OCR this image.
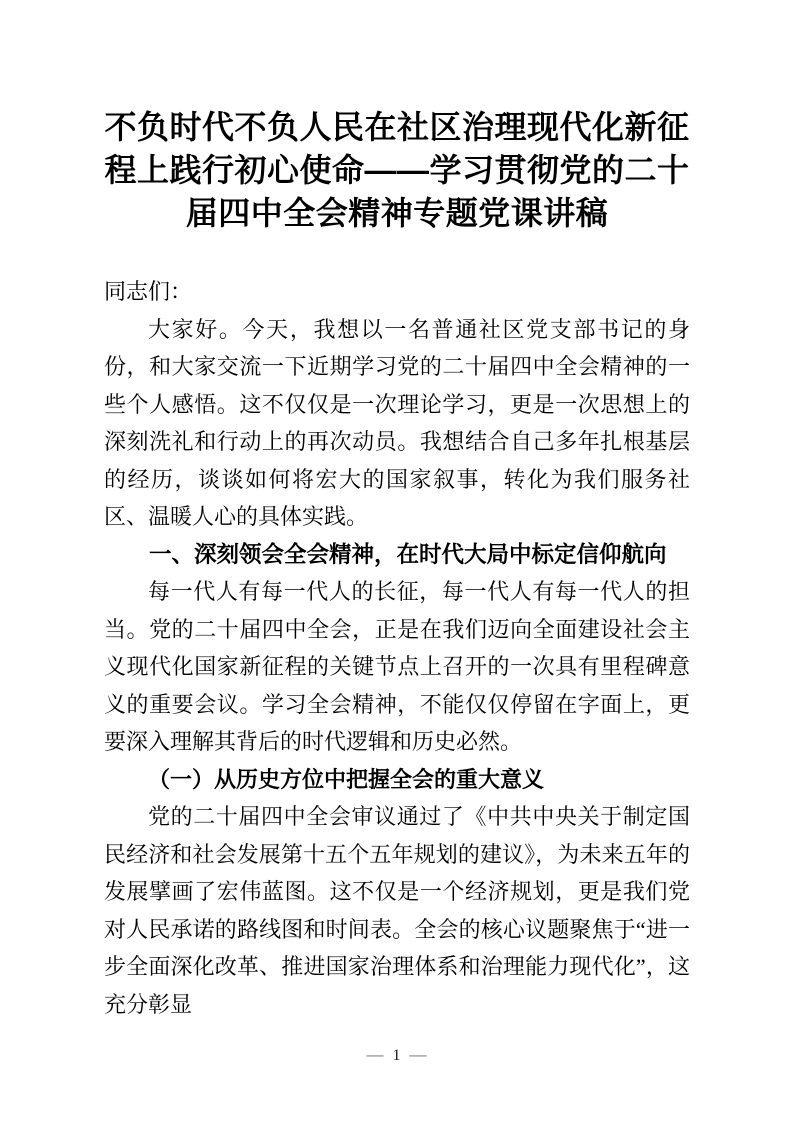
不负时代不负人民在社区治理现代化新征程上践行初心使命——学习贯彻党的二十届四中全会精神专题党课讲稿

同志们：

大家好。今天，我想以一名普通社区党支部书记的身份，和大家交流一下近期学习党的二十届四中全会精神的一些个人感悟。这不仅仅是一次理论学习，更是一次思想上的深刻洗礼和行动上的再次动员。我想结合自己多年扎根基层的经历，谈谈如何将宏大的国家叙事，转化为我们服务社区、温暖人心的具体实践。

一、深刻领会全会精神，在时代大局中标定信仰航向

每一代人有每一代人的长征，每一代人有每一代人的担当。党的二十届四中全会，正是在我们迈向全面建设社会主义现代化国家新征程的关键节点上召开的一次具有里程碑意义的重要会议。学习全会精神，不能仅仅停留在字面上，更要深入理解其背后的时代逻辑和历史必然。

（一）从历史方位中把握全会的重大意义

党的二十届四中全会审议通过了《中共中央关于制定国民经济和社会发展第十五个五年规划的建议》，为未来五年的发展擘画了宏伟蓝图。这不仅是一个经济规划，更是我们党对人民承诺的路线图和时间表。全会的核心议题聚焦于“进一步全面深化改革、推进国家治理体系和治理能力现代化”，这充分彰显

— 1 —
